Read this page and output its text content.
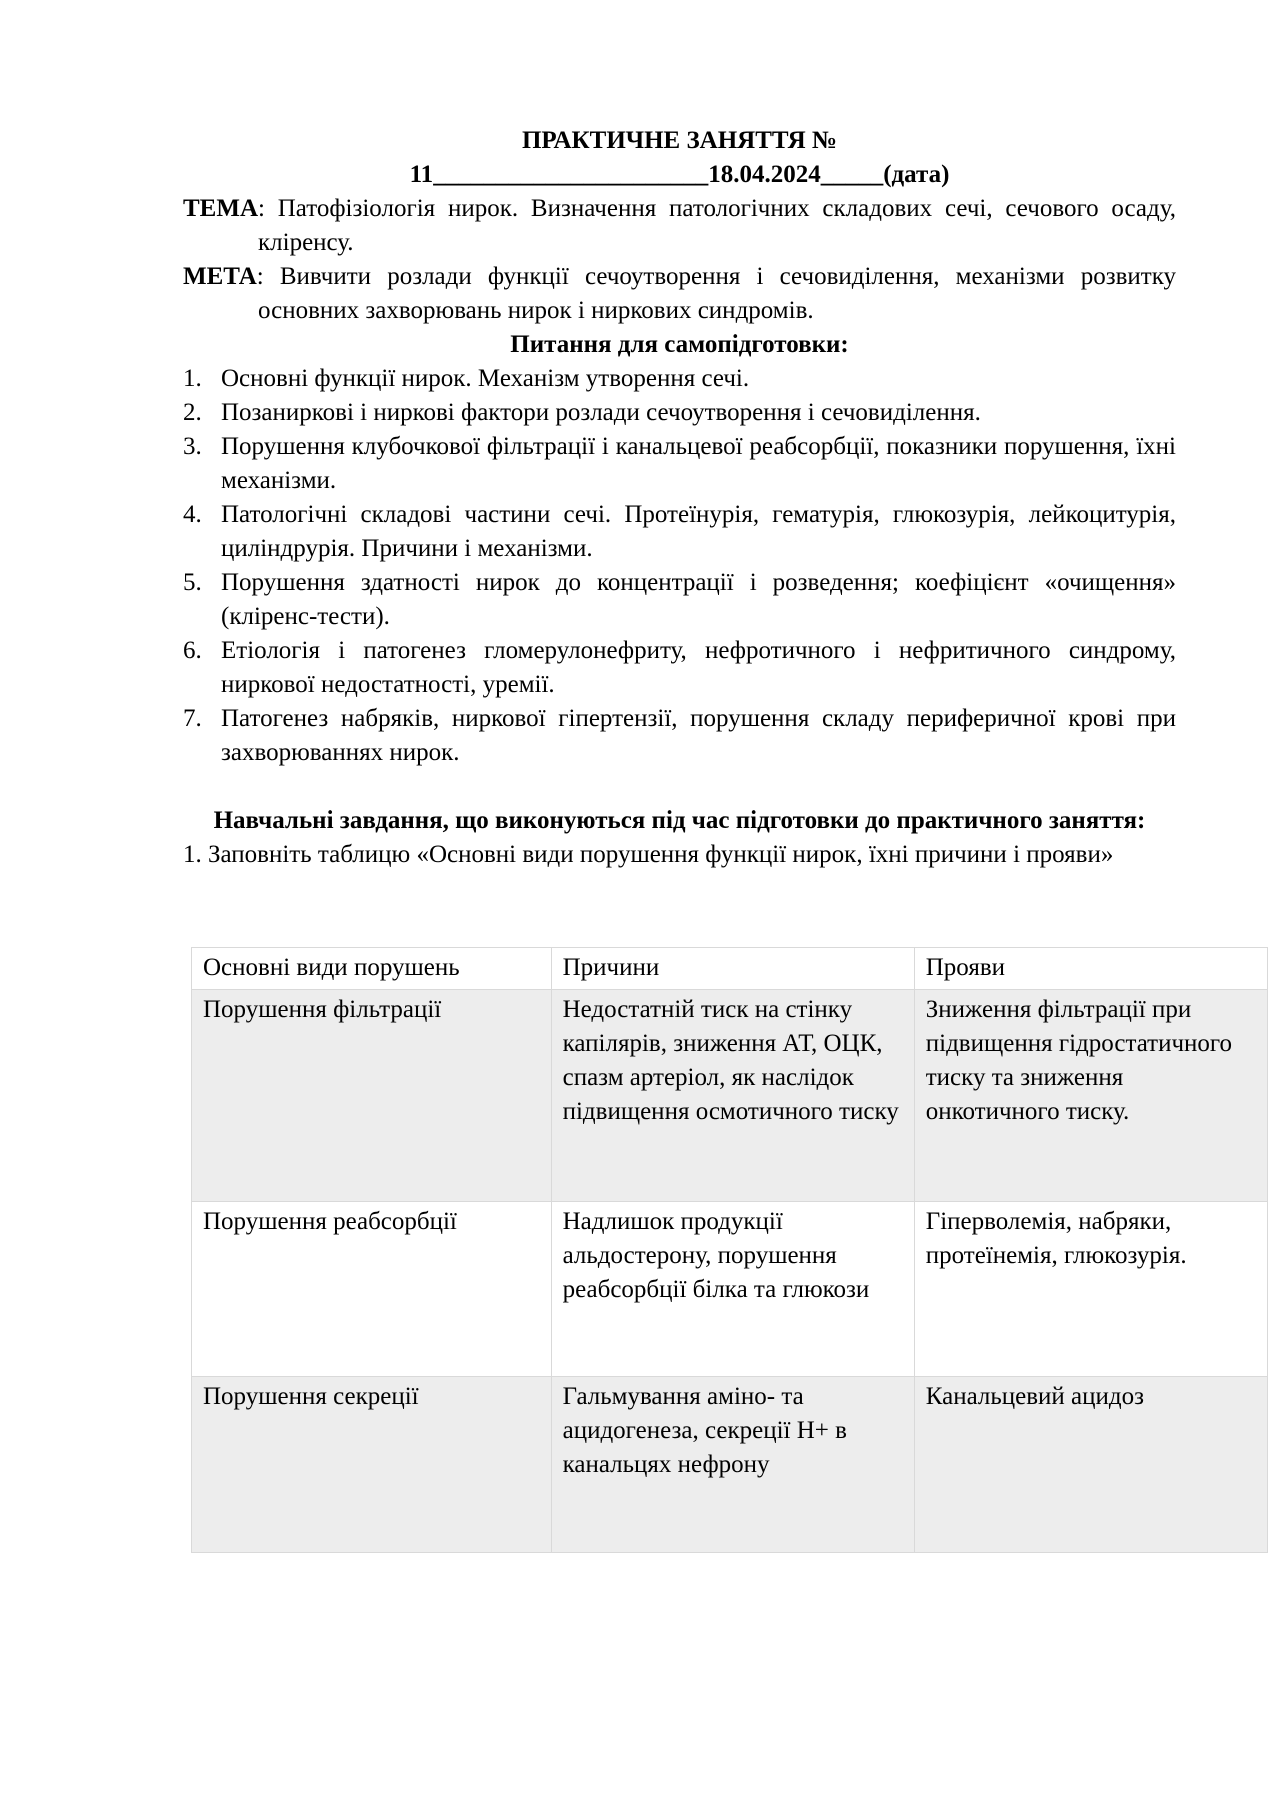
ПРАКТИЧНЕ ЗАНЯТТЯ №

11______________________18.04.2024_____(дата)

ТЕМА: Патофізіологія нирок. Визначення патологічних складових сечі, сечового осаду, кліренсу.

МЕТА: Вивчити розлади функції сечоутворення і сечовиділення, механізми розвитку основних захворювань нирок і ниркових синдромів.

Питання для самопідготовки:

1. Основні функції нирок. Механізм утворення сечі.
2. Позаниркові і ниркові фактори розлади сечоутворення і сечовиділення.
3. Порушення клубочкової фільтрації і канальцевої реабсорбції, показники порушення, їхні механізми.
4. Патологічні складові частини сечі. Протеїнурія, гематурія, глюкозурія, лейкоцитурія, циліндрурія. Причини і механізми.
5. Порушення здатності нирок до концентрації і розведення; коефіцієнт «очищення» (кліренс-тести).
6. Етіологія і патогенез гломерулонефриту, нефротичного і нефритичного синдрому, ниркової недостатності, уремії.
7. Патогенез набряків, ниркової гіпертензії, порушення складу периферичної крові при захворюваннях нирок.

Навчальні завдання, що виконуються під час підготовки до практичного заняття:

1. Заповніть таблицю «Основні види порушення функції нирок, їхні причини і прояви»

Основні види порушень	Причини	Прояви
Порушення фільтрації	Недостатній тиск на стінку капілярів, зниження АТ, ОЦК, спазм артеріол, як наслідок підвищення осмотичного тиску	Зниження фільтрації при підвищення гідростатичного тиску та зниження онкотичного тиску.
Порушення реабсорбції	Надлишок продукції альдостерону, порушення реабсорбції білка та глюкози	Гіперволемія, набряки, протеїнемія, глюкозурія.
Порушення секреції	Гальмування аміно- та ацидогенеза, секреції Н+ в канальцях нефрону	Канальцевий ацидоз
